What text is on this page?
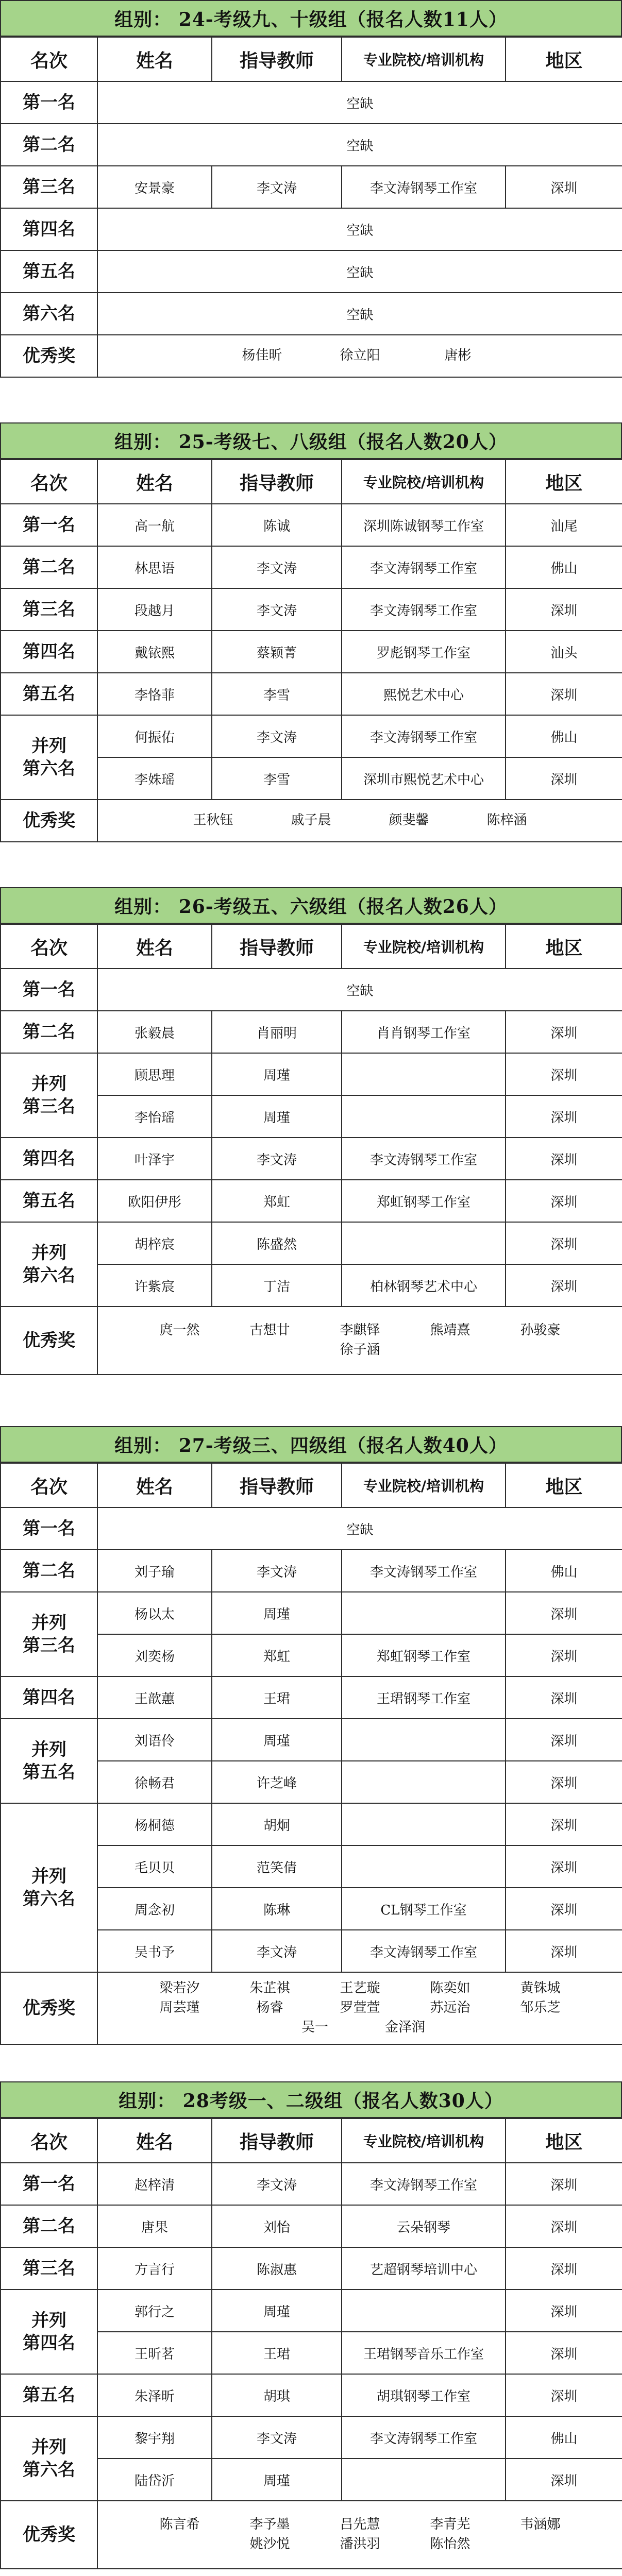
组别： 24-考级九、十级组（报名人数11人）
名次	姓名	指导教师	专业院校/培训机构	地区
第一名	空缺			
第二名	空缺			
第三名	安景豪	李文涛	李文涛钢琴工作室	深圳
第四名	空缺			
第五名	空缺			
第六名	空缺			
优秀奖	杨佳昕 徐立阳 唐彬			
组别： 25-考级七、八级组（报名人数20人）
名次	姓名	指导教师	专业院校/培训机构	地区
第一名	高一航	陈诚	深圳陈诚钢琴工作室	汕尾
第二名	林思语	李文涛	李文涛钢琴工作室	佛山
第三名	段越月	李文涛	李文涛钢琴工作室	深圳
第四名	戴铱熙	蔡颖菁	罗彪钢琴工作室	汕头
第五名	李恪菲	李雪	熙悦艺术中心	深圳
并列
第六名	何振佑	李文涛	李文涛钢琴工作室	佛山
	李姝瑶	李雪	深圳市熙悦艺术中心	深圳
优秀奖	王秋钰 戚子晨 颜斐馨 陈梓涵			
组别： 26-考级五、六级组（报名人数26人）
名次	姓名	指导教师	专业院校/培训机构	地区
第一名	空缺			
第二名	张毅晨	肖丽明	肖肖钢琴工作室	深圳
并列
第三名	顾思理	周瑾		深圳
	李怡瑶	周瑾		深圳
第四名	叶泽宇	李文涛	李文涛钢琴工作室	深圳
第五名	欧阳伊彤	郑虹	郑虹钢琴工作室	深圳
并列
第六名	胡梓宸	陈盛然		深圳
	许紫宸	丁洁	柏林钢琴艺术中心	深圳
优秀奖	庹一然 古想廿 李麒铎 熊靖熹 孙骏豪徐子涵			
组别： 27-考级三、四级组（报名人数40人）
名次	姓名	指导教师	专业院校/培训机构	地区
第一名	空缺			
第二名	刘子瑜	李文涛	李文涛钢琴工作室	佛山
并列
第三名	杨以太	周瑾		深圳
	刘奕杨	郑虹	郑虹钢琴工作室	深圳
第四名	王歆蕙	王珺	王珺钢琴工作室	深圳
并列
第五名	刘语伶	周瑾		深圳
	徐畅君	许芝峰		深圳
并列
第六名	杨桐德	胡炯		深圳
	毛贝贝	范笑倩		深圳
	周念初	陈琳	CL钢琴工作室	深圳
	吴书予	李文涛	李文涛钢琴工作室	深圳
优秀奖	梁若汐 朱芷祺 王艺璇 陈奕如 黄铢城周芸瑾 杨睿 罗萱萱 苏远治 邹乐芝吴一 金泽润			
组别： 28考级一、二级组（报名人数30人）
名次	姓名	指导教师	专业院校/培训机构	地区
第一名	赵梓清	李文涛	李文涛钢琴工作室	深圳
第二名	唐果	刘怡	云朵钢琴	深圳
第三名	方言行	陈淑惠	艺超钢琴培训中心	深圳
并列
第四名	郭行之	周瑾		深圳
	王昕茗	王珺	王珺钢琴音乐工作室	深圳
第五名	朱泽昕	胡琪	胡琪钢琴工作室	深圳
并列
第六名	黎宇翔	李文涛	李文涛钢琴工作室	佛山
	陆岱沂	周瑾		深圳
优秀奖	陈言希 李予墨 吕先慧 李青芜 韦涵娜姚沙悦 潘洪羽 陈怡然			
